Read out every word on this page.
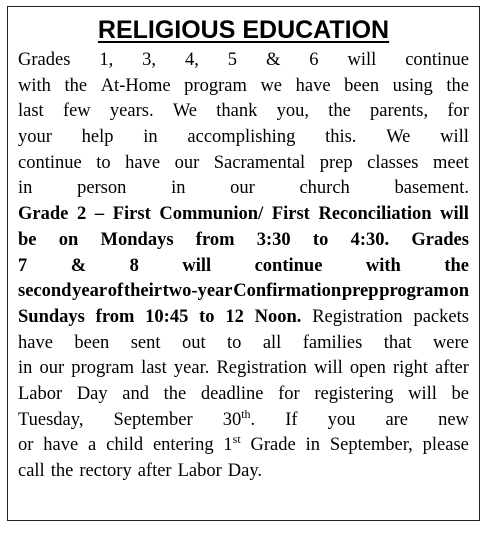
RELIGIOUS EDUCATION
Grades 1, 3, 4, 5 & 6 will continue
with the At-Home program we have been using the
last few years. We thank you, the parents, for
your help in accomplishing this. We will
continue to have our Sacramental prep classes meet
in person in our church basement.
Grade 2 – First Communion/ First Reconciliation will
be on Mondays from 3:30 to 4:30. Grades
7 & 8 will continue with the
second year of their two-year Confirmation prep program on
Sundays from 10:45 to 12 Noon. Registration packets
have been sent out to all families that were
in our program last year. Registration will open right after
Labor Day and the deadline for registering will be
Tuesday, September 30th. If you are new
or have a child entering 1st Grade in September, please
call the rectory after Labor Day.
